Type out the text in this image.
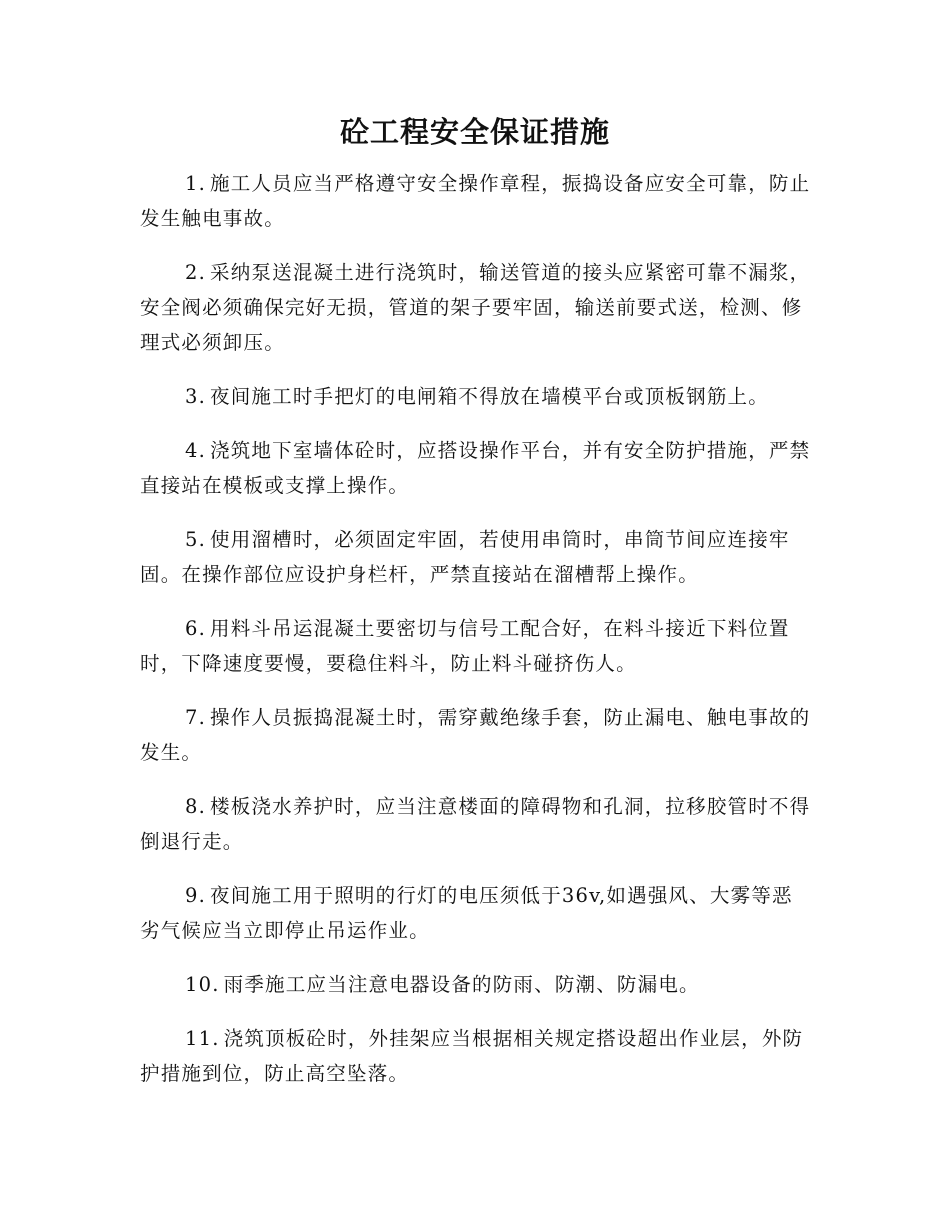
砼工程安全保证措施

1. 施工人员应当严格遵守安全操作章程，振捣设备应安全可靠，防止发生触电事故。

2. 采纳泵送混凝土进行浇筑时，输送管道的接头应紧密可靠不漏浆，安全阀必须确保完好无损，管道的架子要牢固，输送前要式送，检测、修理式必须卸压。

3. 夜间施工时手把灯的电闸箱不得放在墙模平台或顶板钢筋上。

4. 浇筑地下室墙体砼时，应搭设操作平台，并有安全防护措施，严禁直接站在模板或支撑上操作。

5. 使用溜槽时，必须固定牢固，若使用串筒时，串筒节间应连接牢固。在操作部位应设护身栏杆，严禁直接站在溜槽帮上操作。

6. 用料斗吊运混凝土要密切与信号工配合好，在料斗接近下料位置时，下降速度要慢，要稳住料斗，防止料斗碰挤伤人。

7. 操作人员振捣混凝土时，需穿戴绝缘手套，防止漏电、触电事故的发生。

8. 楼板浇水养护时，应当注意楼面的障碍物和孔洞，拉移胶管时不得倒退行走。

9. 夜间施工用于照明的行灯的电压须低于36v,如遇强风、大雾等恶劣气候应当立即停止吊运作业。

10. 雨季施工应当注意电器设备的防雨、防潮、防漏电。

11. 浇筑顶板砼时，外挂架应当根据相关规定搭设超出作业层，外防护措施到位，防止高空坠落。
